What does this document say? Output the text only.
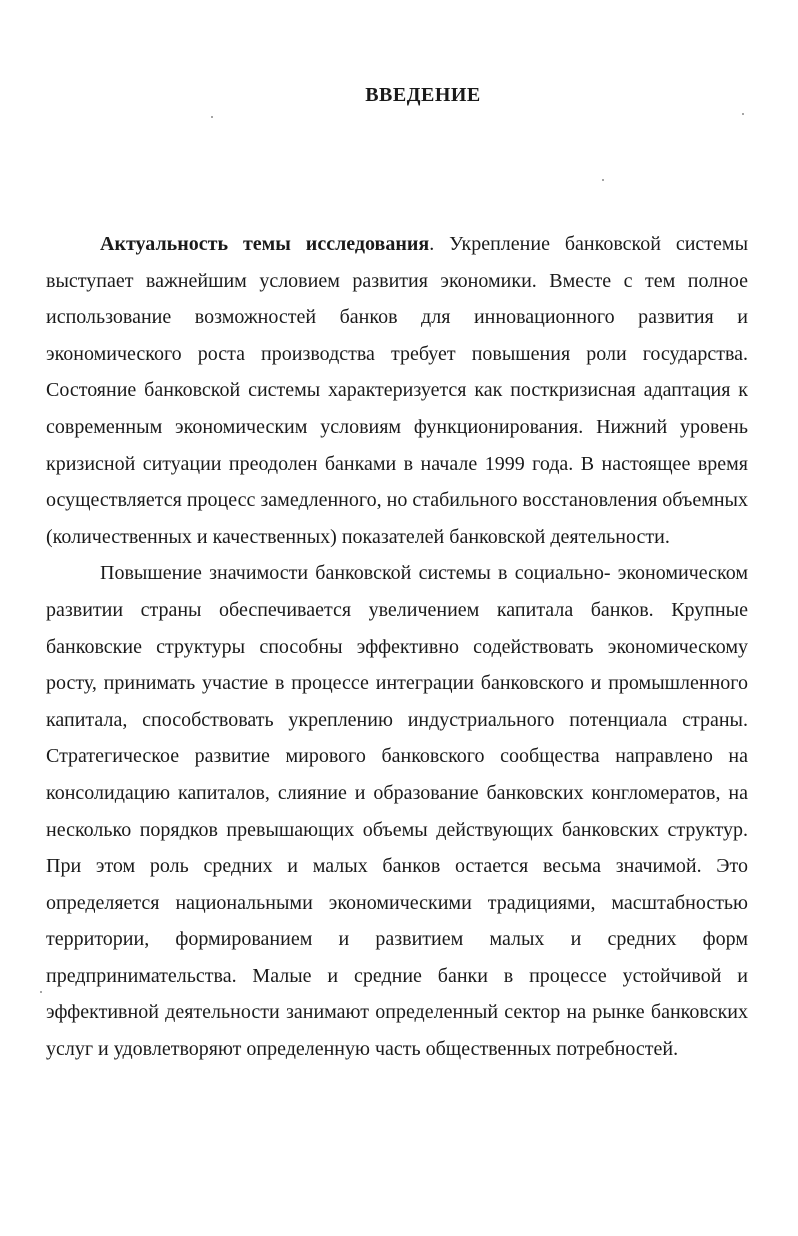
ВВЕДЕНИЕ

Актуальность темы исследования. Укрепление банковской системы выступает важнейшим условием развития экономики. Вместе с тем полное использование возможностей банков для инновационного развития и экономического роста производства требует повышения роли государства. Состояние банковской системы характеризуется как посткризисная адаптация к современным экономическим условиям функционирования. Нижний уровень кризисной ситуации преодолен банками в начале 1999 года. В настоящее время осуществляется процесс замедленного, но стабильного восстановления объемных (количественных и качественных) показателей банковской деятельности.

Повышение значимости банковской системы в социально- экономическом развитии страны обеспечивается увеличением капитала банков. Крупные банковские структуры способны эффективно содействовать экономическому росту, принимать участие в процессе интеграции банковского и промышленного капитала, способствовать укреплению индустриального потенциала страны. Стратегическое развитие мирового банковского сообщества направлено на консолидацию капиталов, слияние и образование банковских конгломератов, на несколько порядков превышающих объемы действующих банковских структур. При этом роль средних и малых банков остается весьма значимой. Это определяется национальными экономическими традициями, масштабностью территории, формированием и развитием малых и средних форм предпринимательства. Малые и средние банки в процессе устойчивой и эффективной деятельности занимают определенный сектор на рынке банковских услуг и удовлетворяют определенную часть общественных потребностей.
